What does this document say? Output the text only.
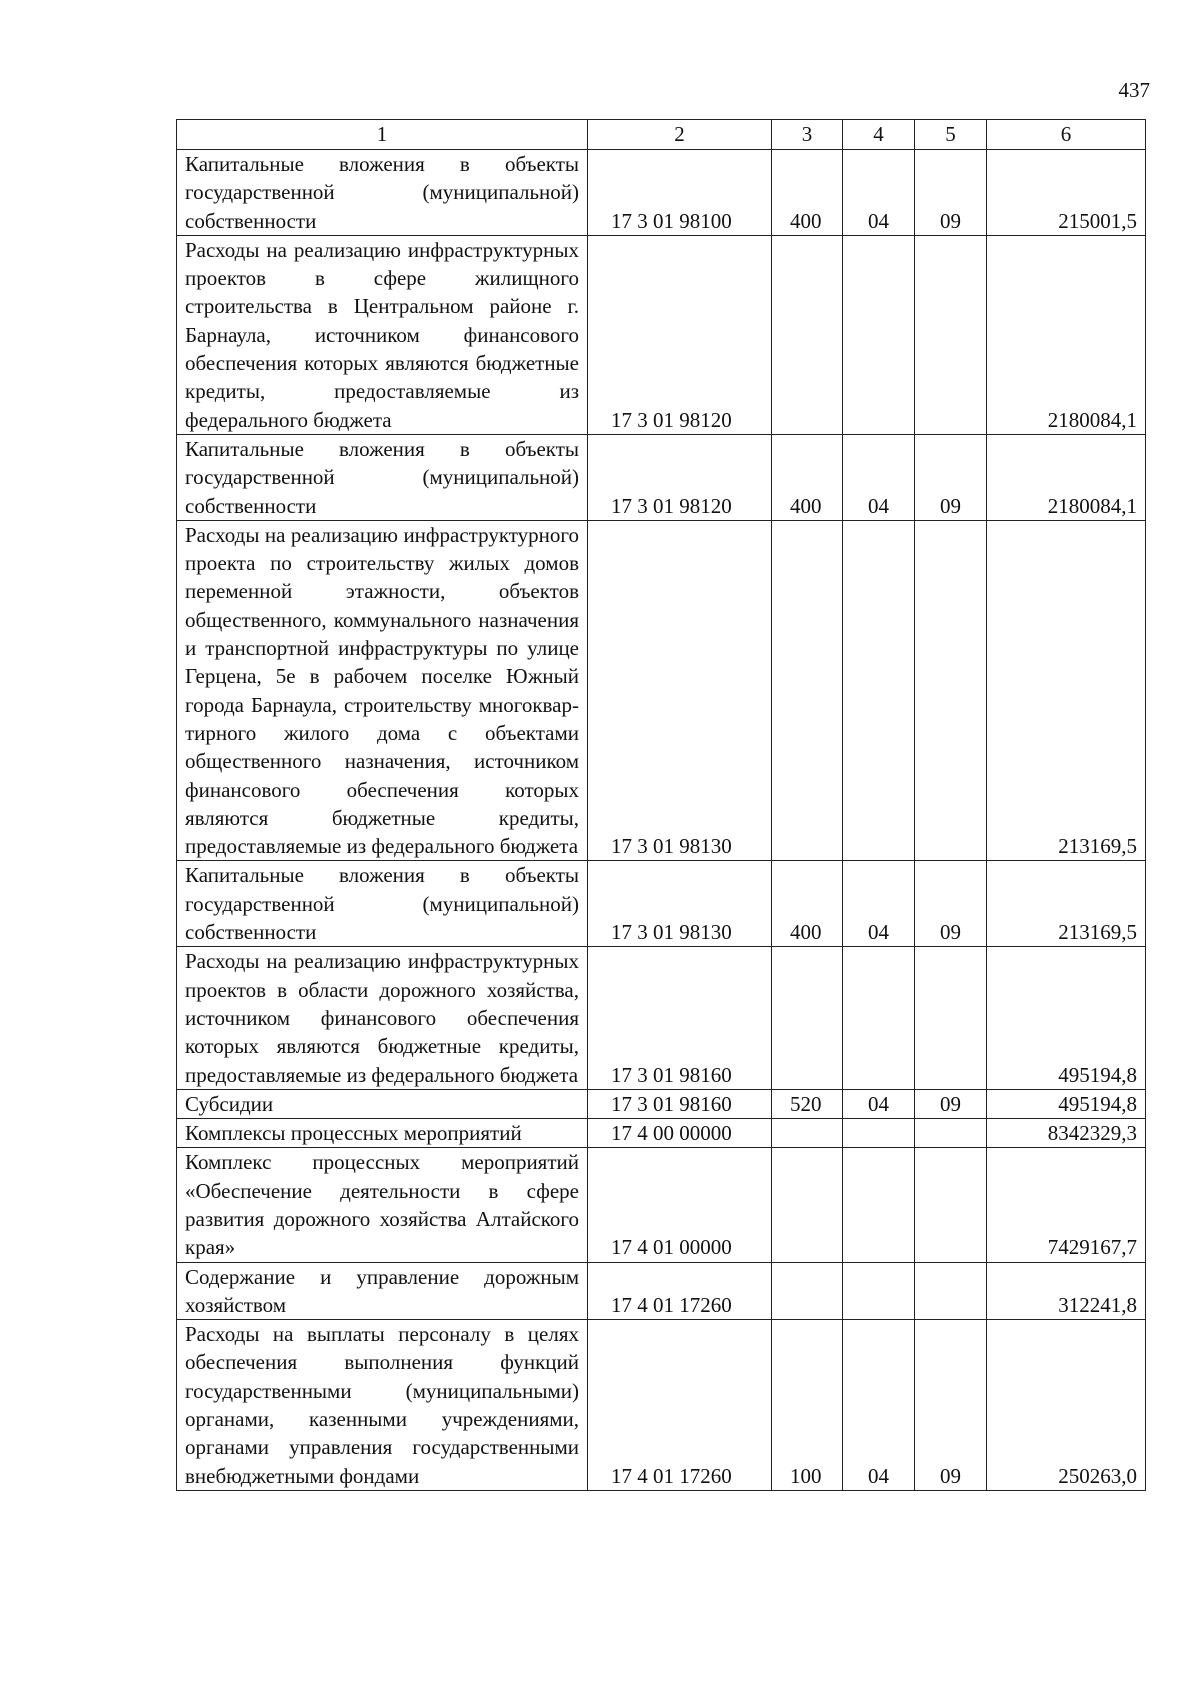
437
1	2	3	4	5	6
Капитальные вложения в объекты государственной (муниципальной) собственности	17 3 01 98100	400	04	09	215001,5
Расходы на реализацию инфраструктурных проектов в сфере жилищного строительства в Центральном районе г. Барнаула, источником финансового обеспечения которых являются бюджетные кредиты, предоставляемые из федерального бюджета	17 3 01 98120				2180084,1
Капитальные вложения в объекты государственной (муниципальной) собственности	17 3 01 98120	400	04	09	2180084,1
Расходы на реализацию инфраструктурного проекта по строительству жилых домов переменной этажности, объектов общественного, коммунального назначения и транспортной инфраструктуры по улице Герцена, 5е в рабочем поселке Южный города Барнаула, строительству многоквартирного жилого дома с объектами общественного назначения, источником финансового обеспечения которых являются бюджетные кредиты, предоставляемые из федерального бюджета	17 3 01 98130				213169,5
Капитальные вложения в объекты государственной (муниципальной) собственности	17 3 01 98130	400	04	09	213169,5
Расходы на реализацию инфраструктурных проектов в области дорожного хозяйства, источником финансового обеспечения которых являются бюджетные кредиты, предоставляемые из федерального бюджета	17 3 01 98160				495194,8
Субсидии	17 3 01 98160	520	04	09	495194,8
Комплексы процессных мероприятий	17 4 00 00000				8342329,3
Комплекс процессных мероприятий «Обеспечение деятельности в сфере развития дорожного хозяйства Алтайского края»	17 4 01 00000				7429167,7
Содержание и управление дорожным хозяйством	17 4 01 17260				312241,8
Расходы на выплаты персоналу в целях обеспечения выполнения функций государственными (муниципальными) органами, казенными учреждениями, органами управления государственными внебюджетными фондами	17 4 01 17260	100	04	09	250263,0
